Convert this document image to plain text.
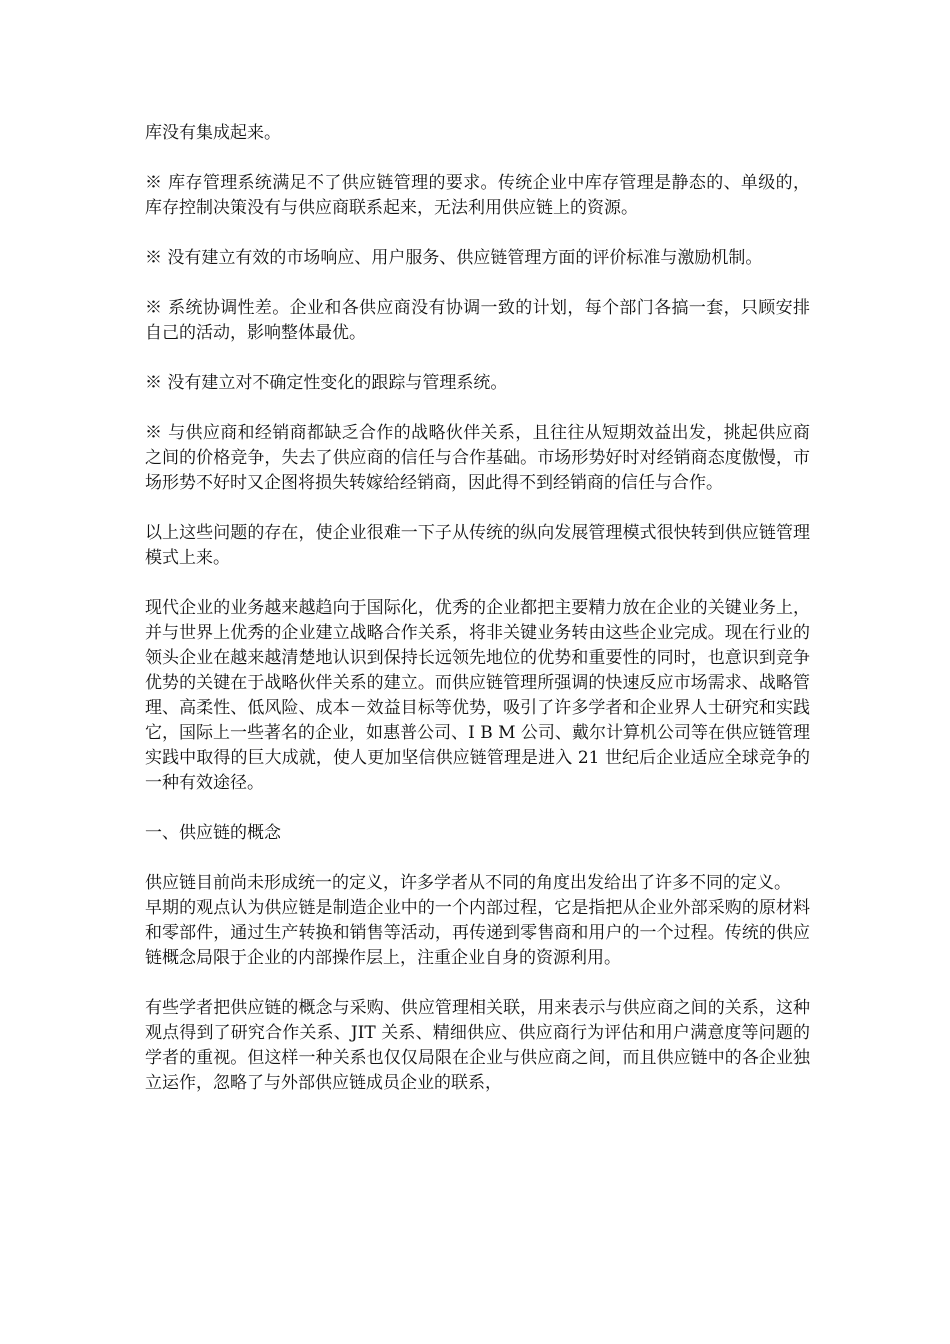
库没有集成起来。

※ 库存管理系统满足不了供应链管理的要求。传统企业中库存管理是静态的、单级的，库存控制决策没有与供应商联系起来，无法利用供应链上的资源。

※ 没有建立有效的市场响应、用户服务、供应链管理方面的评价标准与激励机制。

※ 系统协调性差。企业和各供应商没有协调一致的计划，每个部门各搞一套，只顾安排自己的活动，影响整体最优。

※ 没有建立对不确定性变化的跟踪与管理系统。

※ 与供应商和经销商都缺乏合作的战略伙伴关系，且往往从短期效益出发，挑起供应商之间的价格竞争，失去了供应商的信任与合作基础。市场形势好时对经销商态度傲慢，市场形势不好时又企图将损失转嫁给经销商，因此得不到经销商的信任与合作。

以上这些问题的存在，使企业很难一下子从传统的纵向发展管理模式很快转到供应链管理模式上来。

现代企业的业务越来越趋向于国际化，优秀的企业都把主要精力放在企业的关键业务上，并与世界上优秀的企业建立战略合作关系，将非关键业务转由这些企业完成。现在行业的领头企业在越来越清楚地认识到保持长远领先地位的优势和重要性的同时，也意识到竞争优势的关键在于战略伙伴关系的建立。而供应链管理所强调的快速反应市场需求、战略管理、高柔性、低风险、成本－效益目标等优势，吸引了许多学者和企业界人士研究和实践它，国际上一些著名的企业，如惠普公司、I B M 公司、戴尔计算机公司等在供应链管理实践中取得的巨大成就，使人更加坚信供应链管理是进入 21 世纪后企业适应全球竞争的一种有效途径。

一、供应链的概念

供应链目前尚未形成统一的定义，许多学者从不同的角度出发给出了许多不同的定义。

早期的观点认为供应链是制造企业中的一个内部过程，它是指把从企业外部采购的原材料和零部件，通过生产转换和销售等活动，再传递到零售商和用户的一个过程。传统的供应链概念局限于企业的内部操作层上，注重企业自身的资源利用。

有些学者把供应链的概念与采购、供应管理相关联，用来表示与供应商之间的关系，这种观点得到了研究合作关系、JIT 关系、精细供应、供应商行为评估和用户满意度等问题的学者的重视。但这样一种关系也仅仅局限在企业与供应商之间，而且供应链中的各企业独立运作，忽略了与外部供应链成员企业的联系，
